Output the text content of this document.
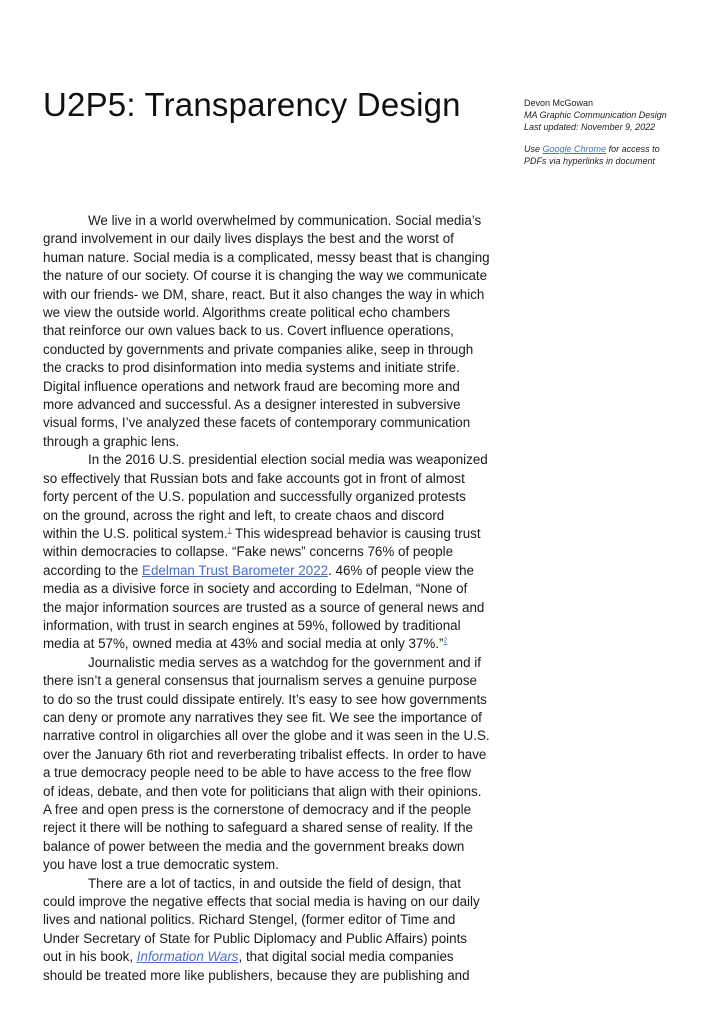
U2P5: Transparency Design	Devon McGowan
MA Graphic Communication Design
Last updated: November 9, 2022
Use Google Chrome for access to
PDFs via hyperlinks in document

We live in a world overwhelmed by communication. Social media’s
grand involvement in our daily lives displays the best and the worst of
human nature. Social media is a complicated, messy beast that is changing
the nature of our society. Of course it is changing the way we communicate
with our friends- we DM, share, react. But it also changes the way in which
we view the outside world. Algorithms create political echo chambers
that reinforce our own values back to us. Covert influence operations,
conducted by governments and private companies alike, seep in through
the cracks to prod disinformation into media systems and initiate strife.
Digital influence operations and network fraud are becoming more and
more advanced and successful. As a designer interested in subversive
visual forms, I’ve analyzed these facets of contemporary communication
through a graphic lens.

In the 2016 U.S. presidential election social media was weaponized
so effectively that Russian bots and fake accounts got in front of almost
forty percent of the U.S. population and successfully organized protests
on the ground, across the right and left, to create chaos and discord
within the U.S. political system.$^1$ This widespread behavior is causing trust
within democracies to collapse. “Fake news” concerns 76% of people
according to the Edelman Trust Barometer 2022. 46% of people view the
media as a divisive force in society and according to Edelman, “None of
the major information sources are trusted as a source of general news and
information, with trust in search engines at 59%, followed by traditional
media at 57%, owned media at 43% and social media at only 37%.”$^2$

Journalistic media serves as a watchdog for the government and if
there isn’t a general consensus that journalism serves a genuine purpose
to do so the trust could dissipate entirely. It’s easy to see how governments
can deny or promote any narratives they see fit. We see the importance of
narrative control in oligarchies all over the globe and it was seen in the U.S.
over the January 6th riot and reverberating tribalist effects. In order to have
a true democracy people need to be able to have access to the free flow
of ideas, debate, and then vote for politicians that align with their opinions.
A free and open press is the cornerstone of democracy and if the people
reject it there will be nothing to safeguard a shared sense of reality. If the
balance of power between the media and the government breaks down
you have lost a true democratic system.

There are a lot of tactics, in and outside the field of design, that
could improve the negative effects that social media is having on our daily
lives and national politics. Richard Stengel, (former editor of Time and
Under Secretary of State for Public Diplomacy and Public Affairs) points
out in his book, Information Wars, that digital social media companies
should be treated more like publishers, because they are publishing and
